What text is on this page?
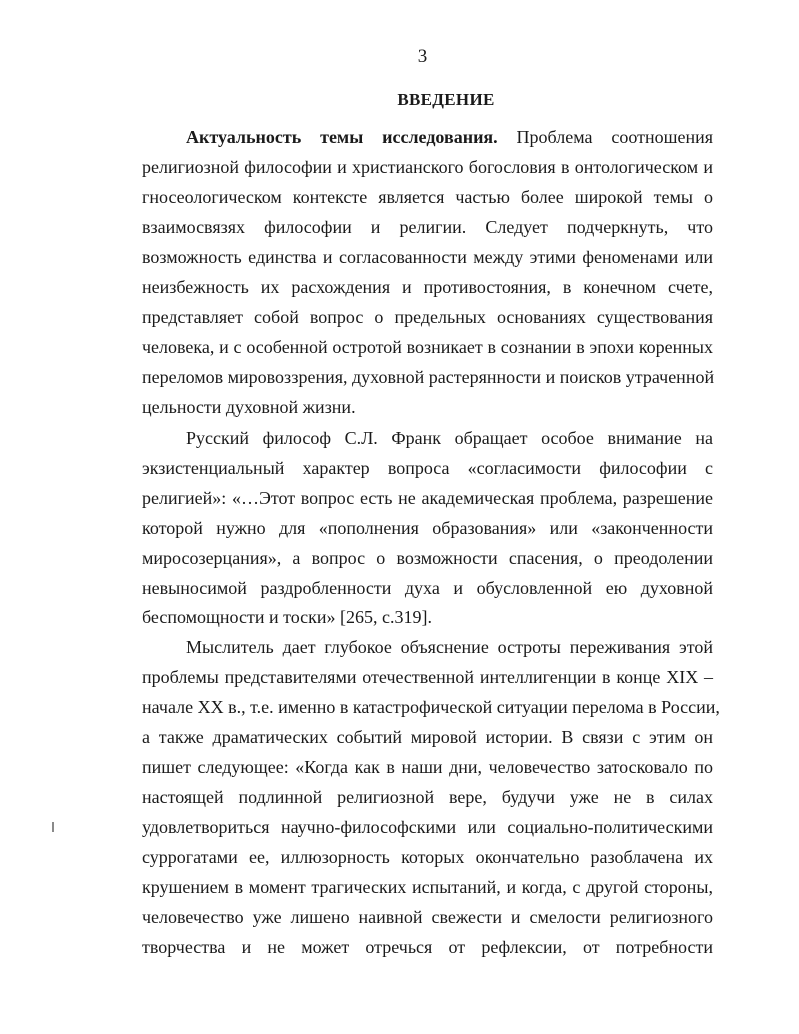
3
ВВЕДЕНИЕ
Актуальность темы исследования. Проблема соотношения
религиозной философии и христианского богословия в онтологическом и
гносеологическом контексте является частью более широкой темы о
взаимосвязях философии и религии. Следует подчеркнуть, что
возможность единства и согласованности между этими феноменами или
неизбежность их расхождения и противостояния, в конечном счете,
представляет собой вопрос о предельных основаниях существования
человека, и с особенной остротой возникает в сознании в эпохи коренных
переломов мировоззрения, духовной растерянности и поисков утраченной
цельности духовной жизни.
Русский философ С.Л. Франк обращает особое внимание на
экзистенциальный характер вопроса «согласимости философии с
религией»: «…Этот вопрос есть не академическая проблема, разрешение
которой нужно для «пополнения образования» или «законченности
миросозерцания», а вопрос о возможности спасения, о преодолении
невыносимой раздробленности духа и обусловленной ею духовной
беспомощности и тоски» [265, с.319].
Мыслитель дает глубокое объяснение остроты переживания этой
проблемы представителями отечественной интеллигенции в конце XIX –
начале XX в., т.е. именно в катастрофической ситуации перелома в России,
а также драматических событий мировой истории. В связи с этим он
пишет следующее: «Когда как в наши дни, человечество затосковало по
настоящей подлинной религиозной вере, будучи уже не в силах
удовлетвориться научно-философскими или социально-политическими
суррогатами ее, иллюзорность которых окончательно разоблачена их
крушением в момент трагических испытаний, и когда, с другой стороны,
человечество уже лишено наивной свежести и смелости религиозного
творчества и не может отречься от рефлексии, от потребности
